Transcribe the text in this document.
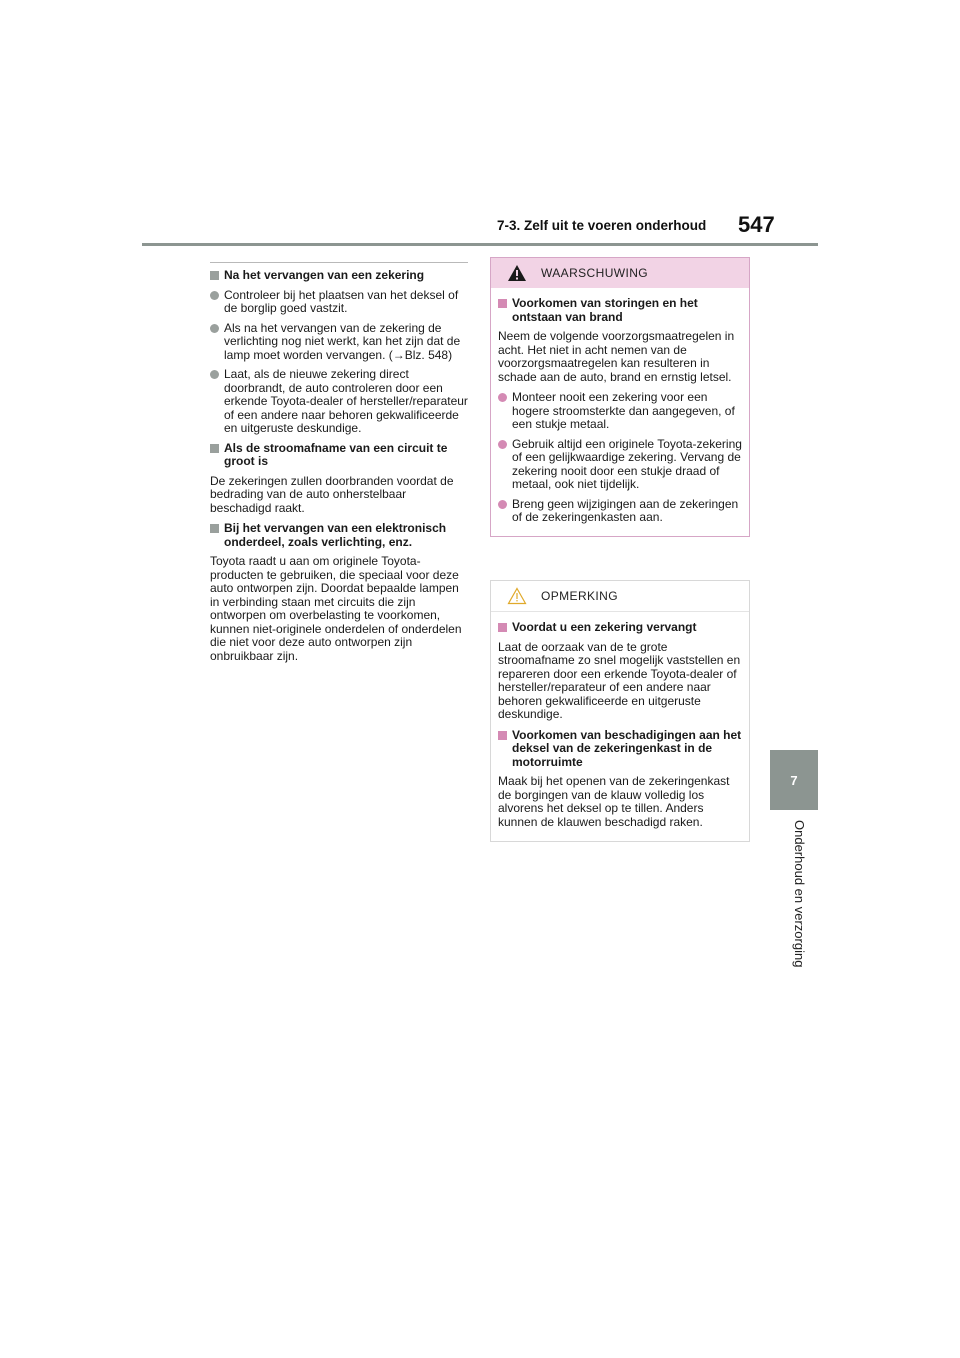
7-3. Zelf uit te voeren onderhoud 547
7
Onderhoud en verzorging
Na het vervangen van een zekering
Controleer bij het plaatsen van het deksel of de borglip goed vastzit.
Als na het vervangen van de zekering de verlichting nog niet werkt, kan het zijn dat de lamp moet worden vervangen. (→Blz. 548)
Laat, als de nieuwe zekering direct doorbrandt, de auto controleren door een erkende Toyota-dealer of hersteller/reparateur of een andere naar behoren gekwalificeerde en uitgeruste deskundige.
Als de stroomafname van een circuit te groot is

De zekeringen zullen doorbranden voordat de bedrading van de auto onherstelbaar beschadigd raakt.

Bij het vervangen van een elektronisch onderdeel, zoals verlichting, enz.

Toyota raadt u aan om originele Toyota-producten te gebruiken, die speciaal voor deze auto ontworpen zijn. Doordat bepaalde lampen in verbinding staan met circuits die zijn ontworpen om overbelasting te voorkomen, kunnen niet-originele onderdelen of onderdelen die niet voor deze auto ontworpen zijn onbruikbaar zijn.

WAARSCHUWING
Voorkomen van storingen en het ontstaan van brand

Neem de volgende voorzorgsmaatregelen in acht. Het niet in acht nemen van de voorzorgsmaatregelen kan resulteren in schade aan de auto, brand en ernstig letsel.

Monteer nooit een zekering voor een hogere stroomsterkte dan aangegeven, of een stukje metaal.
Gebruik altijd een originele Toyota-zekering of een gelijkwaardige zekering. Vervang de zekering nooit door een stukje draad of metaal, ook niet tijdelijk.
Breng geen wijzigingen aan de zekeringen of de zekeringenkasten aan.
OPMERKING
Voordat u een zekering vervangt

Laat de oorzaak van de te grote stroomafname zo snel mogelijk vaststellen en repareren door een erkende Toyota-dealer of hersteller/reparateur of een andere naar behoren gekwalificeerde en uitgeruste deskundige.

Voorkomen van beschadigingen aan het deksel van de zekeringenkast in de motorruimte

Maak bij het openen van de zekeringenkast de borgingen van de klauw volledig los alvorens het deksel op te tillen. Anders kunnen de klauwen beschadigd raken.
